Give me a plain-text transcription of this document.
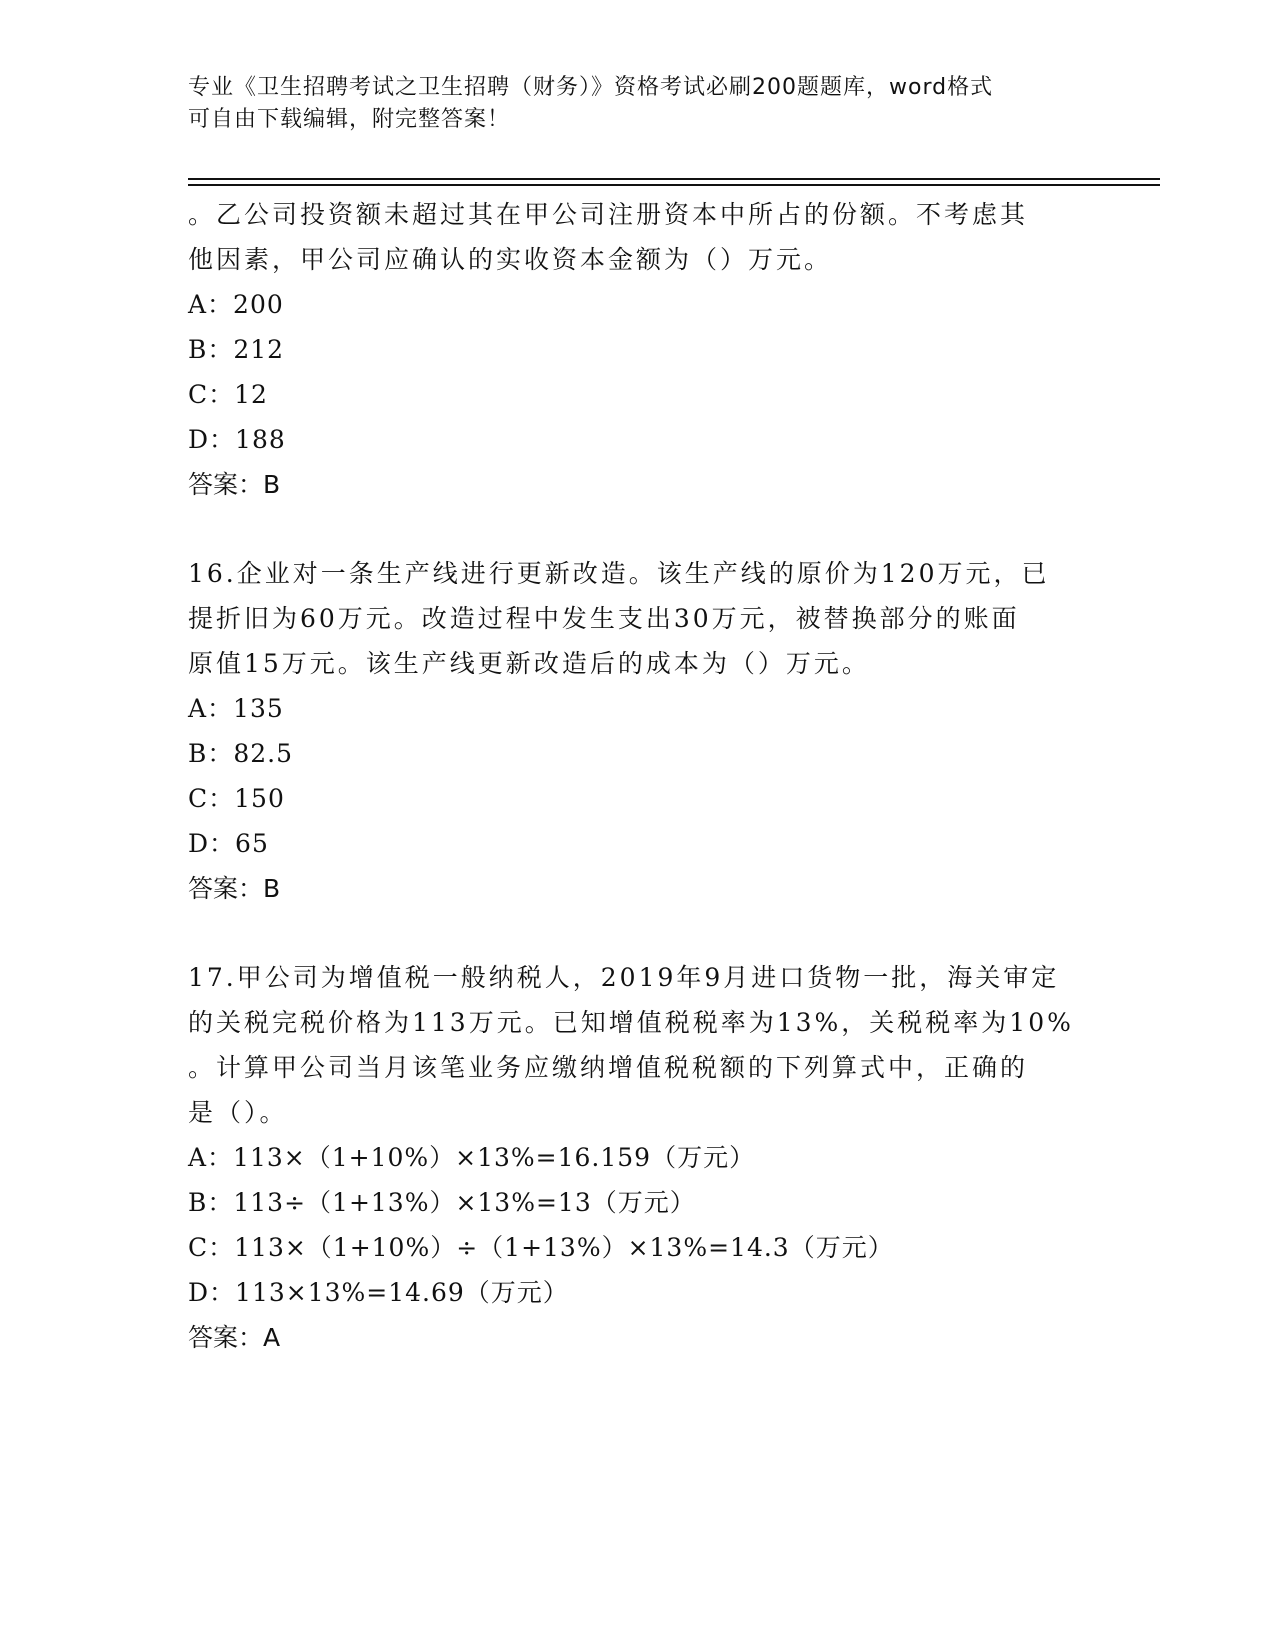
专业《卫生招聘考试之卫生招聘（财务）》资格考试必刷200题题库，word格式
可自由下载编辑，附完整答案！

。乙公司投资额未超过其在甲公司注册资本中所占的份额。不考虑其

他因素，甲公司应确认的实收资本金额为（）万元。

A：200

B：212

C：12

D：188

答案：B

16.企业对一条生产线进行更新改造。该生产线的原价为120万元，已

提折旧为60万元。改造过程中发生支出30万元，被替换部分的账面

原值15万元。该生产线更新改造后的成本为（）万元。

A：135

B：82.5

C：150

D：65

答案：B

17.甲公司为增值税一般纳税人，2019年9月进口货物一批，海关审定

的关税完税价格为113万元。已知增值税税率为13%，关税税率为10%

。计算甲公司当月该笔业务应缴纳增值税税额的下列算式中，正确的

是（）。

A：113×（1+10%）×13%=16.159（万元）

B：113÷（1+13%）×13%=13（万元）

C：113×（1+10%）÷（1+13%）×13%=14.3（万元）

D：113×13%=14.69（万元）

答案：A
